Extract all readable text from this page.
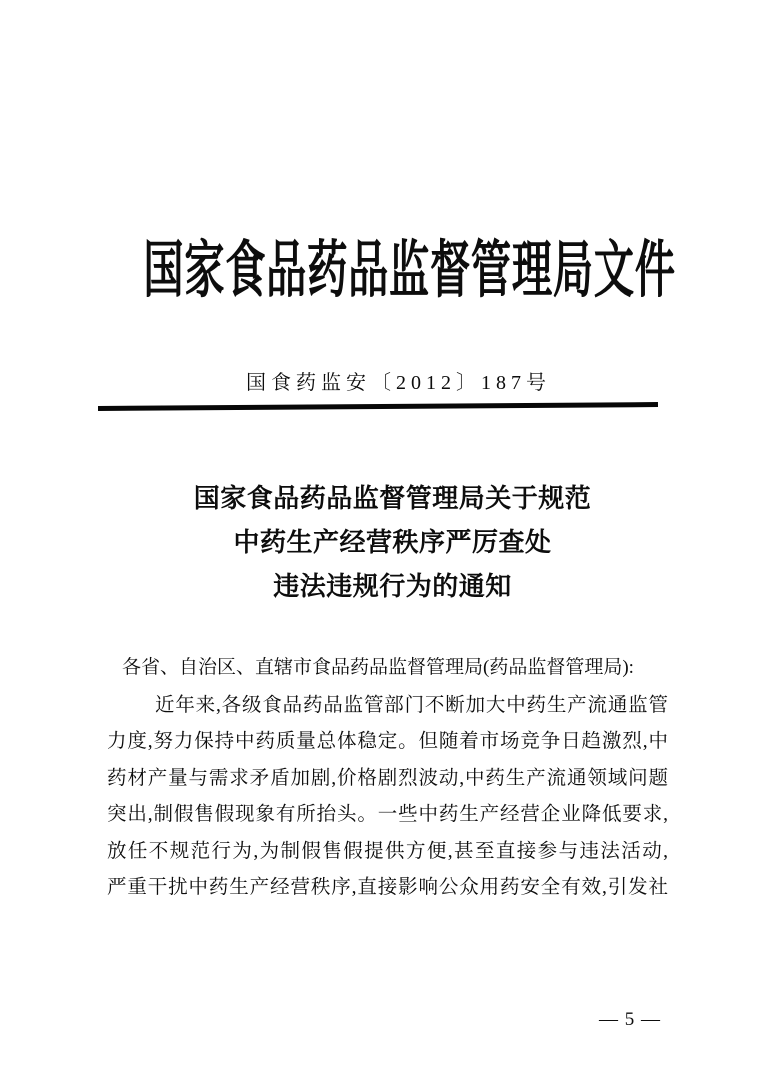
国家食品药品监督管理局文件
国食药监安〔2012〕187号
国家食品药品监督管理局关于规范
中药生产经营秩序严厉查处
违法违规行为的通知
各省、自治区、直辖市食品药品监督管理局(药品监督管理局):
近年来,各级食品药品监管部门不断加大中药生产流通监管
力度,努力保持中药质量总体稳定。但随着市场竞争日趋激烈,中
药材产量与需求矛盾加剧,价格剧烈波动,中药生产流通领域问题
突出,制假售假现象有所抬头。一些中药生产经营企业降低要求,
放任不规范行为,为制假售假提供方便,甚至直接参与违法活动,
严重干扰中药生产经营秩序,直接影响公众用药安全有效,引发社
— 5 —
